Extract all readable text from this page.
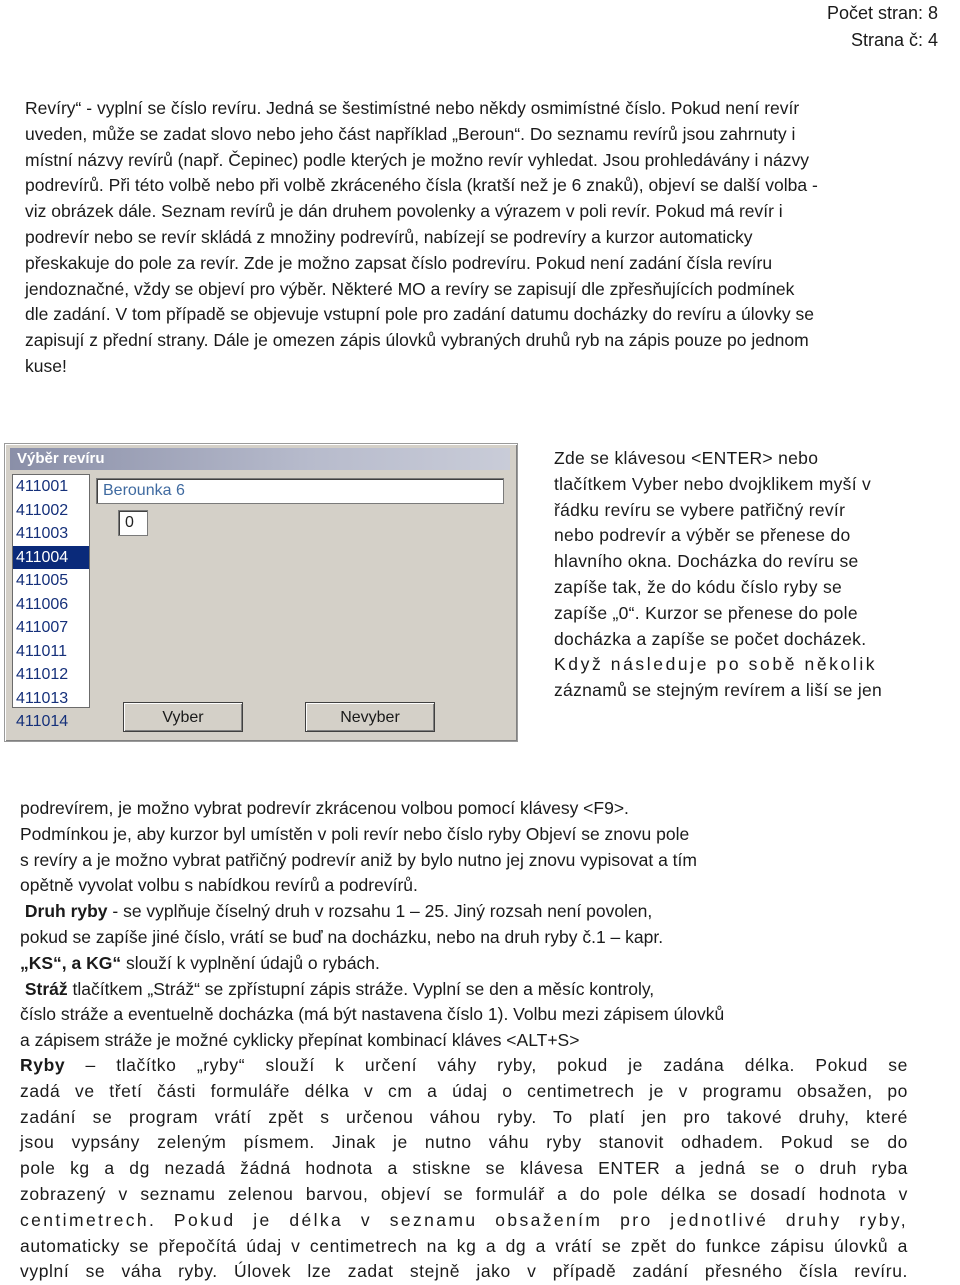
Počet stran: 8
Strana č: 4

Revíry“ - vyplní se číslo revíru. Jedná se šestimístné nebo někdy osmimístné číslo. Pokud není revír
uveden, může se zadat slovo nebo jeho část například „Beroun“. Do seznamu revírů jsou zahrnuty i
místní názvy revírů (např. Čepinec) podle kterých je možno revír vyhledat. Jsou prohledávány i názvy
podrevírů. Při této volbě nebo při volbě zkráceného čísla (kratší než je 6 znaků), objeví se další volba -
viz obrázek dále. Seznam revírů je dán druhem povolenky a výrazem v poli revír. Pokud má revír i
podrevír nebo se revír skládá z množiny podrevírů, nabízejí se podrevíry a kurzor automaticky
přeskakuje do pole za revír. Zde je možno zapsat číslo podrevíru. Pokud není zadání čísla revíru
jendoznačné, vždy se objeví pro výběr. Některé MO a revíry se zapisují dle zpřesňujících podmínek
dle zadání. V tom případě se objevuje vstupní pole pro zadání datumu docházky do revíru a úlovky se
zapisují z přední strany. Dále je omezen zápis úlovků vybraných druhů ryb na zápis pouze po jednom
kuse!

Výběr revíru
411001
411002
411003
411004
411005
411006
411007
411011
411012
411013
411014
Berounka 6
0
Vyber	Nevyber

Zde se klávesou <ENTER> nebo
tlačítkem Vyber nebo dvojklikem myší v
řádku revíru se vybere patřičný revír
nebo podrevír a výběr se přenese do
hlavního okna. Docházka do revíru se
zapíše tak, že do kódu číslo ryby se
zapíše „0“. Kurzor se přenese do pole
docházka a zapíše se počet docházek.
Když následuje po sobě několik
záznamů se stejným revírem a liší se jen

podrevírem, je možno vybrat podrevír zkrácenou volbou pomocí klávesy <F9>.
Podmínkou je, aby kurzor byl umístěn v poli revír nebo číslo ryby Objeví se znovu pole
s revíry a je možno vybrat patřičný podrevír aniž by bylo nutno jej znovu vypisovat a tím
opětně vyvolat volbu s nabídkou revírů a podrevírů.
Druh ryby - se vyplňuje číselný druh v rozsahu 1 – 25. Jiný rozsah není povolen,
pokud se zapíše jiné číslo, vrátí se buď na docházku, nebo na druh ryby č.1 – kapr.
„KS“, a KG“ slouží k vyplnění údajů o rybách.
Stráž tlačítkem „Stráž“ se zpřístupní zápis stráže. Vyplní se den a měsíc kontroly,
číslo stráže a eventuelně docházka (má být nastavena číslo 1). Volbu mezi zápisem úlovků
a zápisem stráže je možné cyklicky přepínat kombinací kláves <ALT+S>

Ryby – tlačítko „ryby“ slouží k určení váhy ryby, pokud je zadána délka. Pokud se
zadá ve třetí části formuláře délka v cm a údaj o centimetrech je v programu obsažen, po
zadání se program vrátí zpět s určenou váhou ryby. To platí jen pro takové druhy, které
jsou vypsány zeleným písmem. Jinak je nutno váhu ryby stanovit odhadem. Pokud se do
pole kg a dg nezadá žádná hodnota a stiskne se klávesa ENTER a jedná se o druh ryba
zobrazený v seznamu zelenou barvou, objeví se formulář a do pole délka se dosadí hodnota v
centimetrech. Pokud je délka v seznamu obsažením pro jednotlivé druhy ryby,
automaticky se přepočítá údaj v centimetrech na kg a dg a vrátí se zpět do funkce zápisu úlovků a
vyplní se váha ryby. Úlovek lze zadat stejně jako v případě zadání přesného čísla revíru.
